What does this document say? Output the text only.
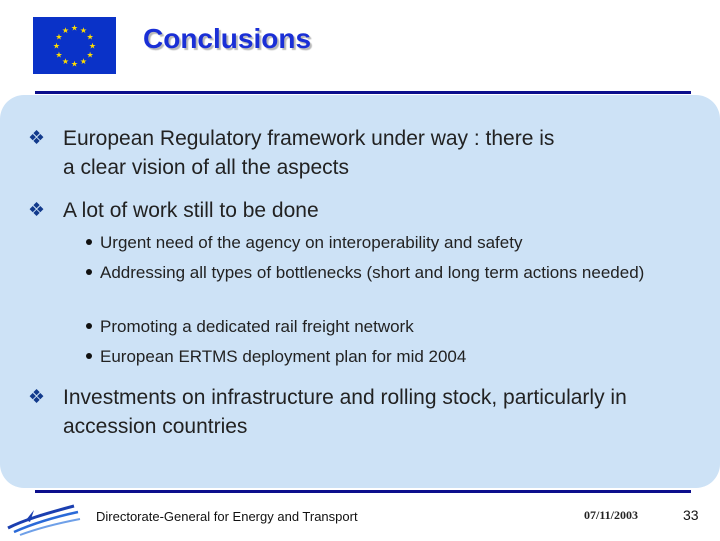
★ ★
★
★
★
★
★
★
★
★
★
★	Conclusions
❖ European Regulatory framework under way : there is a clear vision of all the aspects
❖ A lot of work still to be done
Urgent need of the agency on interoperability and safety
Addressing all types of bottlenecks (short and long term actions needed)
Promoting a dedicated rail freight network
European ERTMS deployment plan for mid 2004
❖ Investments on infrastructure and rolling stock, particularly in accession countries
Directorate-General for Energy and Transport	07/11/2003	33
